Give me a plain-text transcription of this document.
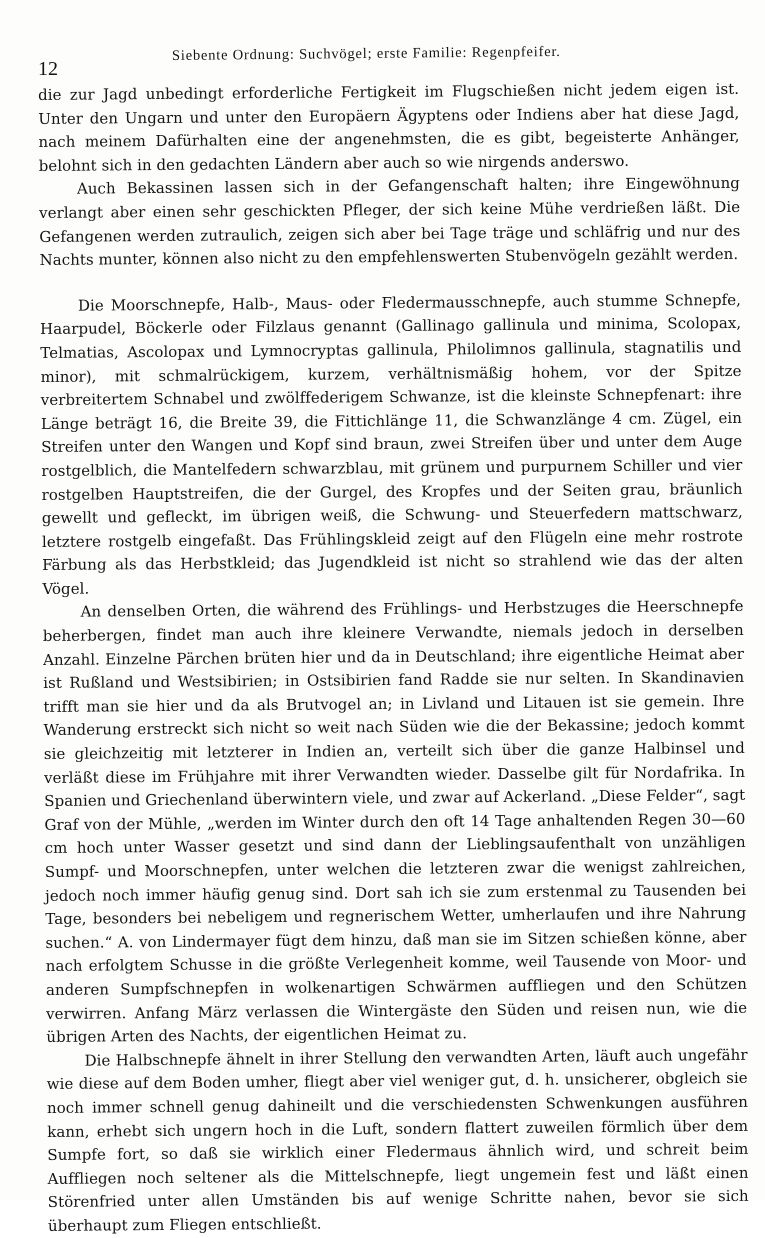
12
Siebente Ordnung: Suchvögel; erste Familie: Regenpfeifer.

die zur Jagd unbedingt erforderliche Fertigkeit im Flugschießen nicht jedem eigen ist. Unter den Ungarn und unter den Europäern Ägyptens oder Indiens aber hat diese Jagd, nach meinem Dafürhalten eine der angenehmsten, die es gibt, begeisterte Anhänger, belohnt sich in den gedachten Ländern aber auch so wie nirgends anderswo.

Auch Bekassinen lassen sich in der Gefangenschaft halten; ihre Eingewöhnung verlangt aber einen sehr geschickten Pfleger, der sich keine Mühe verdrießen läßt. Die Gefangenen werden zutraulich, zeigen sich aber bei Tage träge und schläfrig und nur des Nachts munter, können also nicht zu den empfehlenswerten Stubenvögeln gezählt werden.

Die Moorschnepfe, Halb-, Maus- oder Fledermausschnepfe, auch stumme Schnepfe, Haarpudel, Böckerle oder Filzlaus genannt (Gallinago gallinula und minima, Scolopax, Telmatias, Ascolopax und Lymnocryptas gallinula, Philolimnos gallinula, stagnatilis und minor), mit schmalrückigem, kurzem, verhältnismäßig hohem, vor der Spitze verbreitertem Schnabel und zwölffederigem Schwanze, ist die kleinste Schnepfenart: ihre Länge beträgt 16, die Breite 39, die Fittichlänge 11, die Schwanzlänge 4 cm. Zügel, ein Streifen unter den Wangen und Kopf sind braun, zwei Streifen über und unter dem Auge rostgelblich, die Mantelfedern schwarzblau, mit grünem und purpurnem Schiller und vier rostgelben Hauptstreifen, die der Gurgel, des Kropfes und der Seiten grau, bräunlich gewellt und gefleckt, im übrigen weiß, die Schwung- und Steuerfedern mattschwarz, letztere rostgelb eingefaßt. Das Frühlingskleid zeigt auf den Flügeln eine mehr rostrote Färbung als das Herbstkleid; das Jugendkleid ist nicht so strahlend wie das der alten Vögel.

An denselben Orten, die während des Frühlings- und Herbstzuges die Heerschnepfe beherbergen, findet man auch ihre kleinere Verwandte, niemals jedoch in derselben Anzahl. Einzelne Pärchen brüten hier und da in Deutschland; ihre eigentliche Heimat aber ist Rußland und Westsibirien; in Ostsibirien fand Radde sie nur selten. In Skandinavien trifft man sie hier und da als Brutvogel an; in Livland und Litauen ist sie gemein. Ihre Wanderung erstreckt sich nicht so weit nach Süden wie die der Bekassine; jedoch kommt sie gleichzeitig mit letzterer in Indien an, verteilt sich über die ganze Halbinsel und verläßt diese im Frühjahre mit ihrer Verwandten wieder. Dasselbe gilt für Nordafrika. In Spanien und Griechenland überwintern viele, und zwar auf Ackerland. „Diese Felder“, sagt Graf von der Mühle, „werden im Winter durch den oft 14 Tage anhaltenden Regen 30—60 cm hoch unter Wasser gesetzt und sind dann der Lieblingsaufenthalt von unzähligen Sumpf- und Moorschnepfen, unter welchen die letzteren zwar die wenigst zahlreichen, jedoch noch immer häufig genug sind. Dort sah ich sie zum erstenmal zu Tausenden bei Tage, besonders bei nebeligem und regnerischem Wetter, umherlaufen und ihre Nahrung suchen.“ A. von Lindermayer fügt dem hinzu, daß man sie im Sitzen schießen könne, aber nach erfolgtem Schusse in die größte Verlegenheit komme, weil Tausende von Moor- und anderen Sumpfschnepfen in wolkenartigen Schwärmen auffliegen und den Schützen verwirren. Anfang März verlassen die Wintergäste den Süden und reisen nun, wie die übrigen Arten des Nachts, der eigentlichen Heimat zu.

Die Halbschnepfe ähnelt in ihrer Stellung den verwandten Arten, läuft auch ungefähr wie diese auf dem Boden umher, fliegt aber viel weniger gut, d. h. unsicherer, obgleich sie noch immer schnell genug dahineilt und die verschiedensten Schwenkungen ausführen kann, erhebt sich ungern hoch in die Luft, sondern flattert zuweilen förmlich über dem Sumpfe fort, so daß sie wirklich einer Fledermaus ähnlich wird, und schreit beim Auffliegen noch seltener als die Mittelschnepfe, liegt ungemein fest und läßt einen Störenfried unter allen Umständen bis auf wenige Schritte nahen, bevor sie sich überhaupt zum Fliegen entschließt.
